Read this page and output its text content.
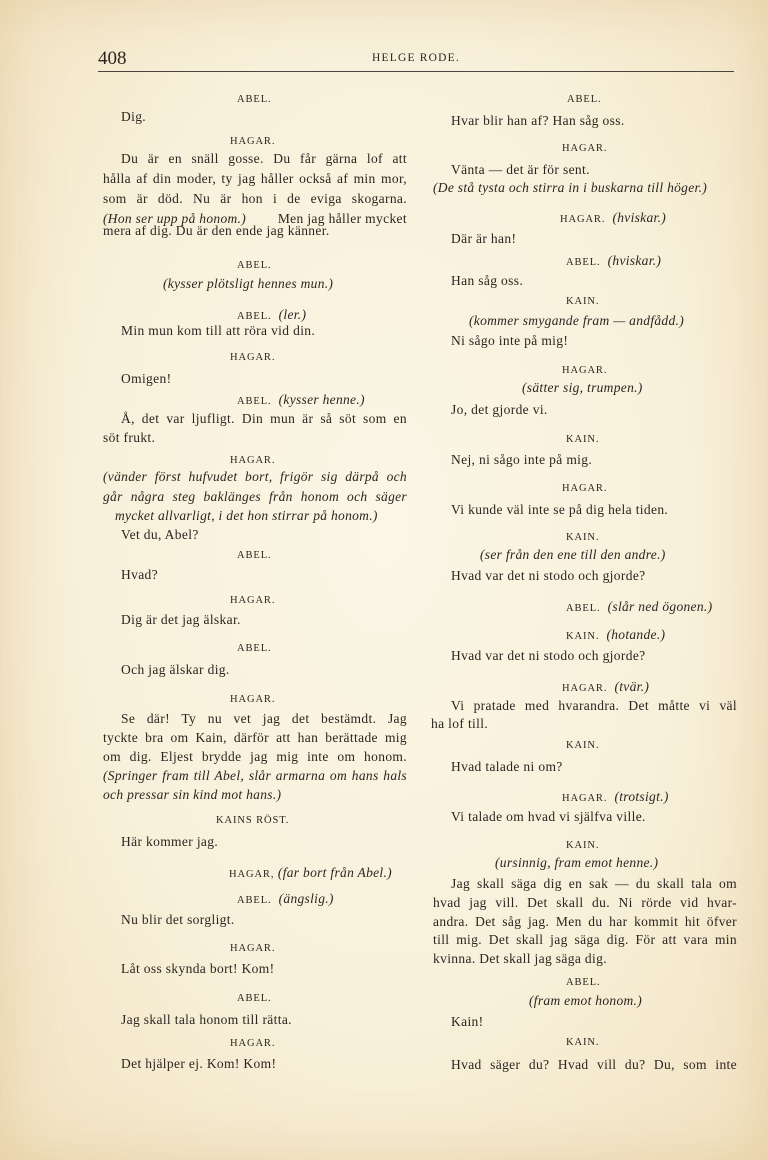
408	HELGE RODE.
ABEL.
Dig.
HAGAR.
Du är en snäll gosse. Du får gärna lof att
hålla af din moder, ty jag håller också af min mor,
som är död. Nu är hon i de eviga skogarna.
(Hon ser upp på honom.) Men jag håller mycket
mera af dig. Du är den ende jag känner.
ABEL.
(kysser plötsligt hennes mun.)
ABEL. (ler.)
Min mun kom till att röra vid din.
HAGAR.
Omigen!
ABEL. (kysser henne.)
Å, det var ljufligt. Din mun är så söt som en
söt frukt.
HAGAR.
(vänder först hufvudet bort, frigör sig därpå och
går några steg baklänges från honom och säger
mycket allvarligt, i det hon stirrar på honom.)
Vet du, Abel?
ABEL.
Hvad?
HAGAR.
Dig är det jag älskar.
ABEL.
Och jag älskar dig.
HAGAR.
Se där! Ty nu vet jag det bestämdt. Jag
tyckte bra om Kain, därför att han berättade mig
om dig. Eljest brydde jag mig inte om honom.
(Springer fram till Abel, slår armarna om hans hals
och pressar sin kind mot hans.)
KAINS RÖST.
Här kommer jag.
HAGAR, (far bort från Abel.)
ABEL. (ängslig.)
Nu blir det sorgligt.
HAGAR.
Låt oss skynda bort! Kom!
ABEL.
Jag skall tala honom till rätta.
HAGAR.
Det hjälper ej. Kom! Kom!
ABEL.
Hvar blir han af? Han såg oss.
HAGAR.
Vänta — det är för sent.
(De stå tysta och stirra in i buskarna till höger.)
HAGAR. (hviskar.)
Där är han!
ABEL. (hviskar.)
Han såg oss.
KAIN.
(kommer smygande fram — andfådd.)
Ni sågo inte på mig!
HAGAR.
(sätter sig, trumpen.)
Jo, det gjorde vi.
KAIN.
Nej, ni sågo inte på mig.
HAGAR.
Vi kunde väl inte se på dig hela tiden.
KAIN.
(ser från den ene till den andre.)
Hvad var det ni stodo och gjorde?
ABEL. (slår ned ögonen.)
KAIN. (hotande.)
Hvad var det ni stodo och gjorde?
HAGAR. (tvär.)
Vi pratade med hvarandra. Det måtte vi väl
ha lof till.
KAIN.
Hvad talade ni om?
HAGAR. (trotsigt.)
Vi talade om hvad vi själfva ville.
KAIN.
(ursinnig, fram emot henne.)
Jag skall säga dig en sak — du skall tala om
hvad jag vill. Det skall du. Ni rörde vid hvar-
andra. Det såg jag. Men du har kommit hit öfver
till mig. Det skall jag säga dig. För att vara min
kvinna. Det skall jag säga dig.
ABEL.
(fram emot honom.)
Kain!
KAIN.
Hvad säger du? Hvad vill du? Du, som inte
